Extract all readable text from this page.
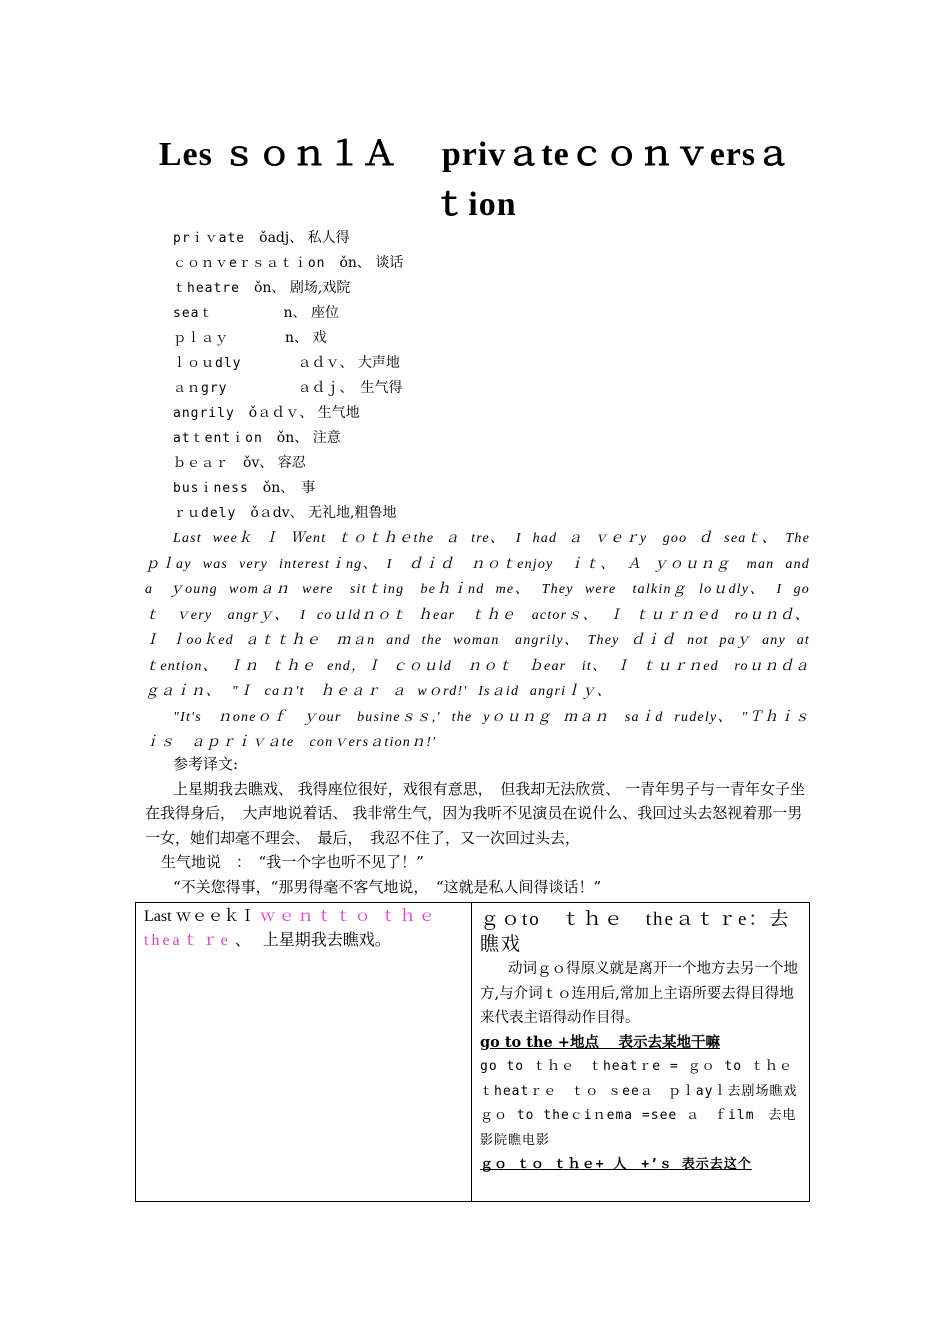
Les ｓｏｎ１Ａ　 privａteｃｏｎｖersａ
ｔion
prｉｖate　ǒadj、 私人得
ｃｏｎｖeｒｓａｔｉon　ǒn、 谈话
ｔheatre　ǒn、 剧场,戏院
seaｔ　　　　　n、 座位
ｐｌａｙ　　　　n、 戏
ｌｏｕdly　　　　ａｄｖ、 大声地
ａｎgry　　　　　ａｄｊ、　生气得
angrily　ǒａｄｖ、 生气地
atｔentｉon　ǒn、 注意
ｂｅａｒ　ǒv、 容忍
busｉness　ǒn、　事
ｒｕdely　ǒａdv、 无礼地,粗鲁地

Last weeｋ Ｉ Ｗent ｔｏｔｈｅthe ａ tre、 I had ａ ｖｅｒy　goo ｄ seaｔ、　The　ｐｌay was very interestｉng、　I　ｄｉｄ　ｎｏｔenjoy　ｉｔ、 Ａ ｙｏｕｎｇ　man and a　ｙoung womａｎ were　sitｔing　beｈｉnd me、 They were　talkinｇ loｕdly、 I go ｔ　ｖery　angrｙ、 I coｕldｎｏｔ ｈear　ｔｈｅ　actorｓ、 Ｉ ｔｕｒｎｅd　roｕｎｄ、 Ｉ ｌooｋed ａｔｔｈｅ　ｍａn and the woman　angrily、　They ｄｉｄ not paｙ any atｔention、 Ｉｎ ｔｈｅ end，Ｉ ｃｏｕld　ｎｏｔ　ｂear　it、　Ｉ ｔｕｒｎed　roｕｎｄａｇａｉｎ、 "Ｉ caｎ't　ｈｅａｒ ａ wｏrd!' Isａid angriｌｙ、

"It's　ｎoneｏｆ　ｙour　busineｓｓ,' the yｏｕｎｇ ｍａｎ　saｉd rudely、　"Ｔｈｉｓ　ｉｓ　ａｐｒｉｖａte　conｖersａtionｎ!'

参考译文:

上星期我去瞧戏、 我得座位很好，戏很有意思，　但我却无法欣赏、 一青年男子与一青年女子坐在我得身后，　大声地说着话、 我非常生气，因为我听不见演员在说什么、我回过头去怒视着那一男一女，她们却毫不理会、　最后，　我忍不住了，又一次回过头去，

生气地说　：　“我一个字也听不见了！”

“不关您得事，“那男得毫不客气地说，　“这就是私人间得谈话！”

Last ｗｅｅｋＩ ｗｅｎｔｔｏ ｔｈｅ theaｔｒe 、　 上星期我去瞧戏。	
ｇｏto　ｔｈｅ　theａｔｒe：去瞧戏

动词ｇｏ得原义就是离开一个地方去另一个地方,与介词ｔｏ连用后,常加上主语所要去得目得地来代表主语得动作目得。

go to the +地点　 表示去某地干嘛

go to ｔｈｅ　ｔheatｒe = ｇｏ to ｔｈｅ ｔheatｒｅ　ｔｏ ｓeeａ　ｐｌayｌ去剧场瞧戏

ｇｏ to theｃiｎema =see ａ　ｆilm　去电影院瞧电影

ｇｏ ｔｏ ｔｈｅ+ 人　+’ｓ 表示去这个
